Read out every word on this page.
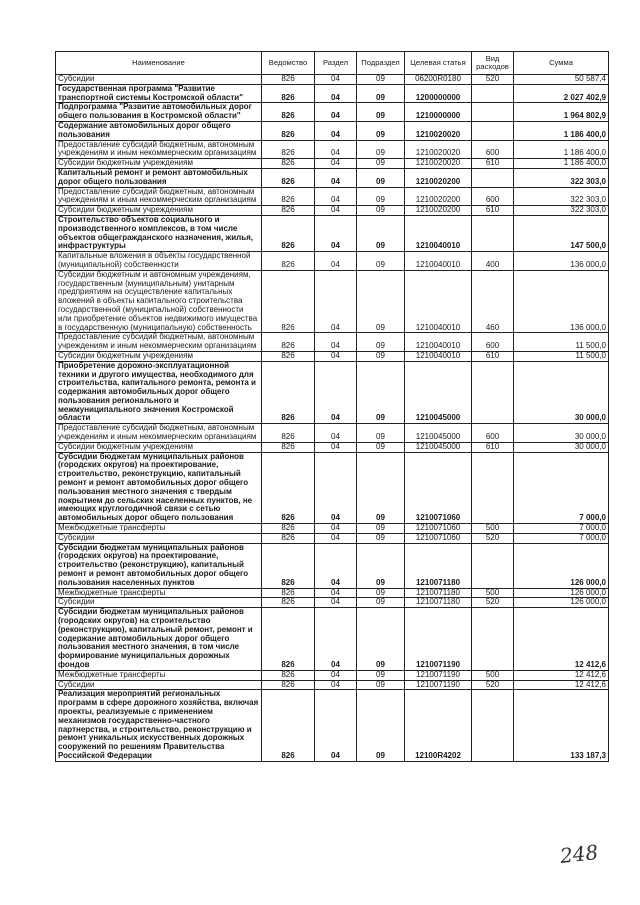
Наименование	Ведомство	Раздел	Подраздел	Целевая статья	Вид расходов	Сумма
Субсидии	826	04	09	06200R0180	520	50 587,4
Государственная программа "Развитие транспортной системы Костромской области"	826	04	09	1200000000		2 027 402,9
Подпрограмма "Развитие автомобильных дорог общего пользования в Костромской области"	826	04	09	1210000000		1 964 802,9
Содержание автомобильных дорог общего пользования	826	04	09	1210020020		1 186 400,0
Предоставление субсидий бюджетным, автономным учреждениям и иным некоммерческим организациям	826	04	09	1210020020	600	1 186 400,0
Субсидии бюджетным учреждениям	826	04	09	1210020020	610	1 186 400,0
Капитальный ремонт и ремонт автомобильных дорог общего пользования	826	04	09	1210020200		322 303,0
Предоставление субсидий бюджетным, автономным учреждениям и иным некоммерческим организациям	826	04	09	1210020200	600	322 303,0
Субсидии бюджетным учреждениям	826	04	09	1210020200	610	322 303,0
Строительство объектов социального и производственного комплексов, в том числе объектов общегражданского назначения, жилья, инфраструктуры	826	04	09	1210040010		147 500,0
Капитальные вложения в объекты государственной (муниципальной) собственности	826	04	09	1210040010	400	136 000,0
Субсидии бюджетным и автономным учреждениям, государственным (муниципальным) унитарным предприятиям на осуществление капитальных вложений в объекты капитального строительства государственной (муниципальной) собственности или приобретение объектов недвижимого имущества в государственную (муниципальную) собственность	826	04	09	1210040010	460	136 000,0
Предоставление субсидий бюджетным, автономным учреждениям и иным некоммерческим организациям	826	04	09	1210040010	600	11 500,0
Субсидии бюджетным учреждениям	826	04	09	1210040010	610	11 500,0
Приобретение дорожно-эксплуатационной техники и другого имущества, необходимого для строительства, капитального ремонта, ремонта и содержания автомобильных дорог общего пользования регионального и межмуниципального значения Костромской области	826	04	09	1210045000		30 000,0
Предоставление субсидий бюджетным, автономным учреждениям и иным некоммерческим организациям	826	04	09	1210045000	600	30 000,0
Субсидии бюджетным учреждениям	826	04	09	1210045000	610	30 000,0
Субсидии бюджетам муниципальных районов (городских округов) на проектирование, строительство, реконструкцию, капитальный ремонт и ремонт автомобильных дорог общего пользования местного значения с твердым покрытием до сельских населенных пунктов, не имеющих круглогодичной связи с сетью автомобильных дорог общего пользования	826	04	09	1210071060		7 000,0
Межбюджетные трансферты	826	04	09	1210071060	500	7 000,0
Субсидии	826	04	09	1210071060	520	7 000,0
Субсидии бюджетам муниципальных районов (городских округов) на проектирование, строительство (реконструкцию), капитальный ремонт и ремонт автомобильных дорог общего пользования населенных пунктов	826	04	09	1210071180		126 000,0
Межбюджетные трансферты	826	04	09	1210071180	500	126 000,0
Субсидии	826	04	09	1210071180	520	126 000,0
Субсидии бюджетам муниципальных районов (городских округов) на строительство (реконструкцию), капитальный ремонт, ремонт и содержание автомобильных дорог общего пользования местного значения, в том числе формирование муниципальных дорожных фондов	826	04	09	1210071190		12 412,6
Межбюджетные трансферты	826	04	09	1210071190	500	12 412,6
Субсидии	826	04	09	1210071190	520	12 412,6
Реализация мероприятий региональных программ в сфере дорожного хозяйства, включая проекты, реализуемые с применением механизмов государственно-частного партнерства, и строительство, реконструкцию и ремонт уникальных искусственных дорожных сооружений по решениям Правительства Российской Федерации	826	04	09	12100R4202		133 187,3
248
